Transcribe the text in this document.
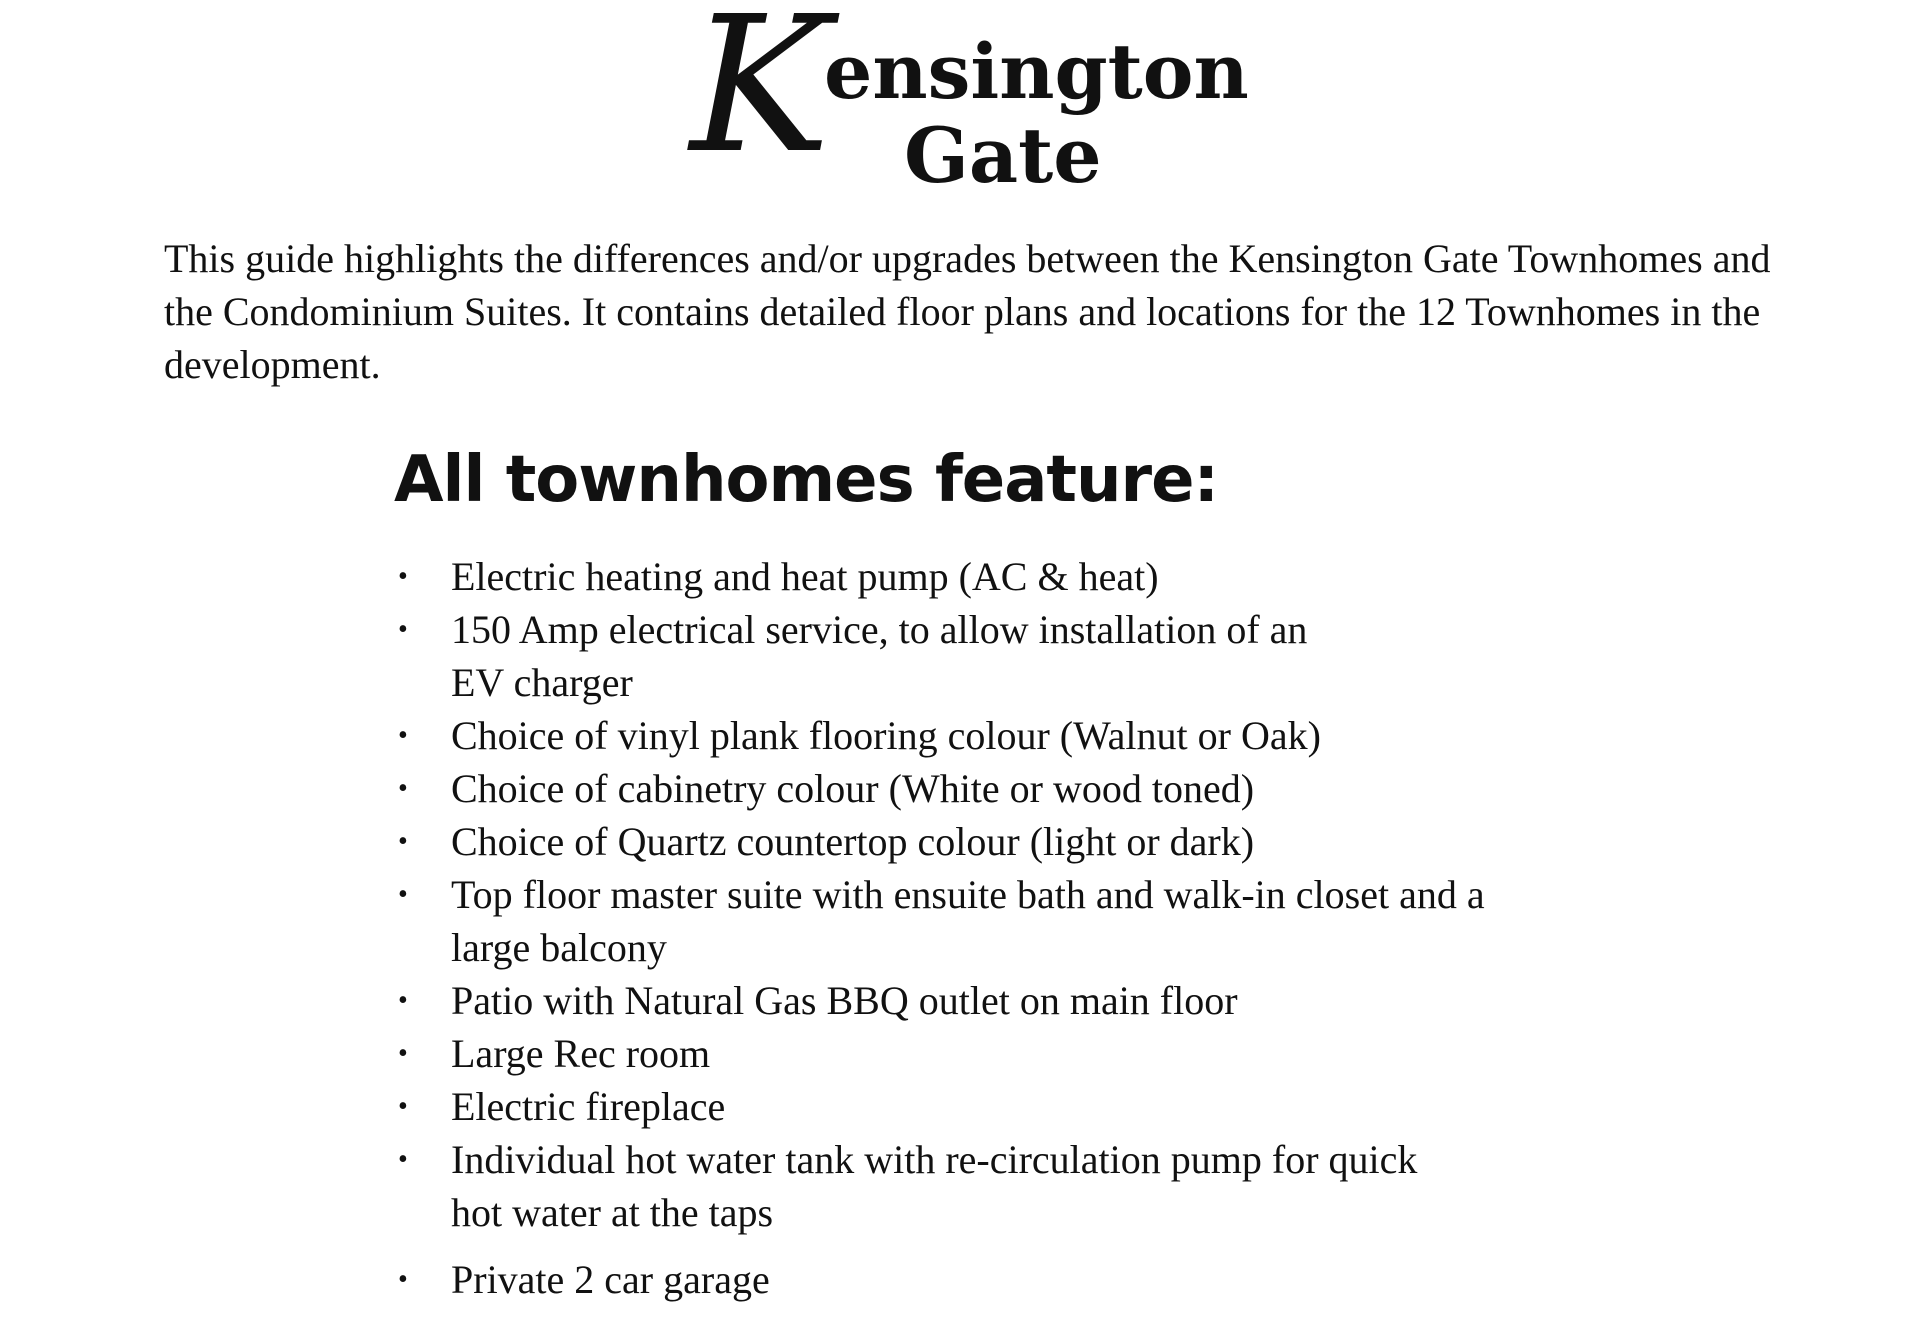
K
ensington
Gate

This guide highlights the differences and/or upgrades between the Kensington Gate Townhomes and the Condominium Suites. It contains detailed floor plans and locations for the 12 Townhomes in the development.

All townhomes feature:
• Electric heating and heat pump (AC & heat)
• 150 Amp electrical service, to allow installation of an EV charger
• Choice of vinyl plank flooring colour (Walnut or Oak)
• Choice of cabinetry colour (White or wood toned)
• Choice of Quartz countertop colour (light or dark)
• Top floor master suite with ensuite bath and walk-in closet and a large balcony
• Patio with Natural Gas BBQ outlet on main floor
• Large Rec room
• Electric fireplace
• Individual hot water tank with re-circulation pump for quick hot water at the taps
• Private 2 car garage
